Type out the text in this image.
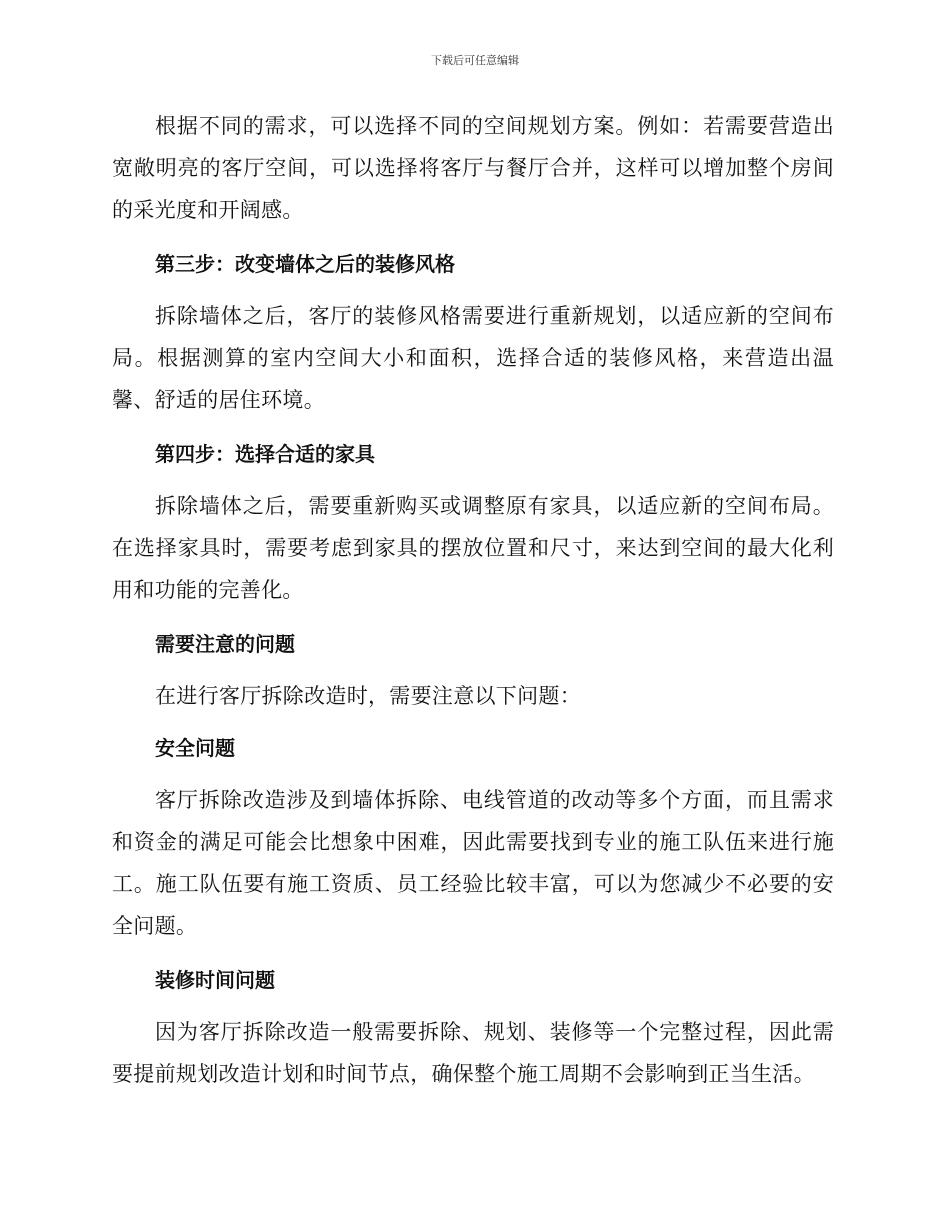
下载后可任意编辑

根据不同的需求，可以选择不同的空间规划方案。例如：若需要营造出宽敞明亮的客厅空间，可以选择将客厅与餐厅合并，这样可以增加整个房间的采光度和开阔感。

第三步：改变墙体之后的装修风格

拆除墙体之后，客厅的装修风格需要进行重新规划，以适应新的空间布局。根据测算的室内空间大小和面积，选择合适的装修风格，来营造出温馨、舒适的居住环境。

第四步：选择合适的家具

拆除墙体之后，需要重新购买或调整原有家具，以适应新的空间布局。在选择家具时，需要考虑到家具的摆放位置和尺寸，来达到空间的最大化利用和功能的完善化。

需要注意的问题

在进行客厅拆除改造时，需要注意以下问题：

安全问题

客厅拆除改造涉及到墙体拆除、电线管道的改动等多个方面，而且需求和资金的满足可能会比想象中困难，因此需要找到专业的施工队伍来进行施工。施工队伍要有施工资质、员工经验比较丰富，可以为您减少不必要的安全问题。

装修时间问题

因为客厅拆除改造一般需要拆除、规划、装修等一个完整过程，因此需要提前规划改造计划和时间节点，确保整个施工周期不会影响到正当生活。
